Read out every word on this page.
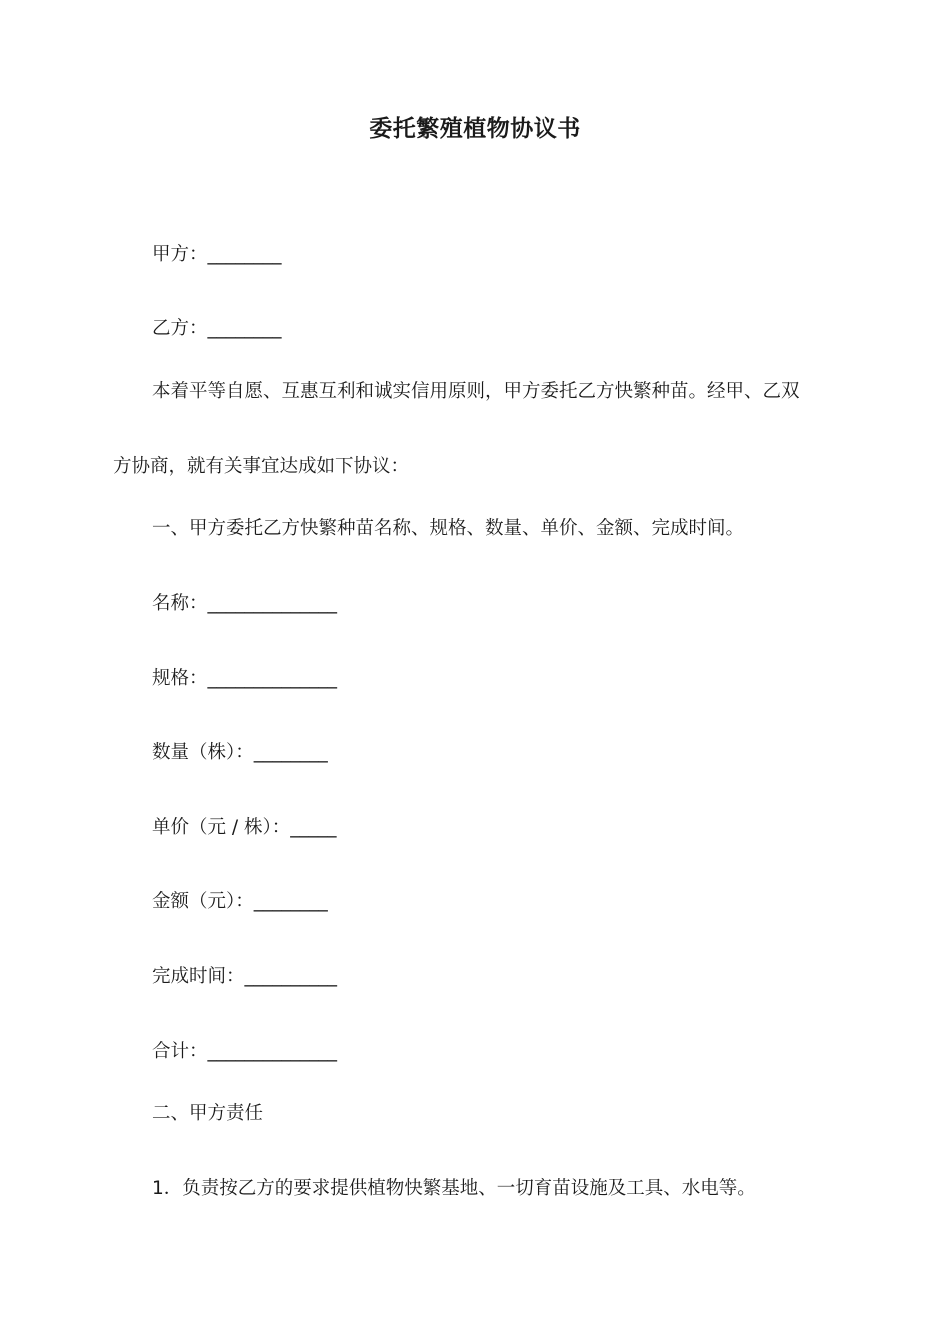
委托繁殖植物协议书
甲方：________
乙方：________
本着平等自愿、互惠互利和诚实信用原则，甲方委托乙方快繁种苗。经甲、乙双
方协商，就有关事宜达成如下协议：
一、甲方委托乙方快繁种苗名称、规格、数量、单价、金额、完成时间。
名称：______________
规格：______________
数量（株）：________
单价（元 / 株）：_____
金额（元）：________
完成时间：__________
合计：______________
二、甲方责任
1．负责按乙方的要求提供植物快繁基地、一切育苗设施及工具、水电等。
